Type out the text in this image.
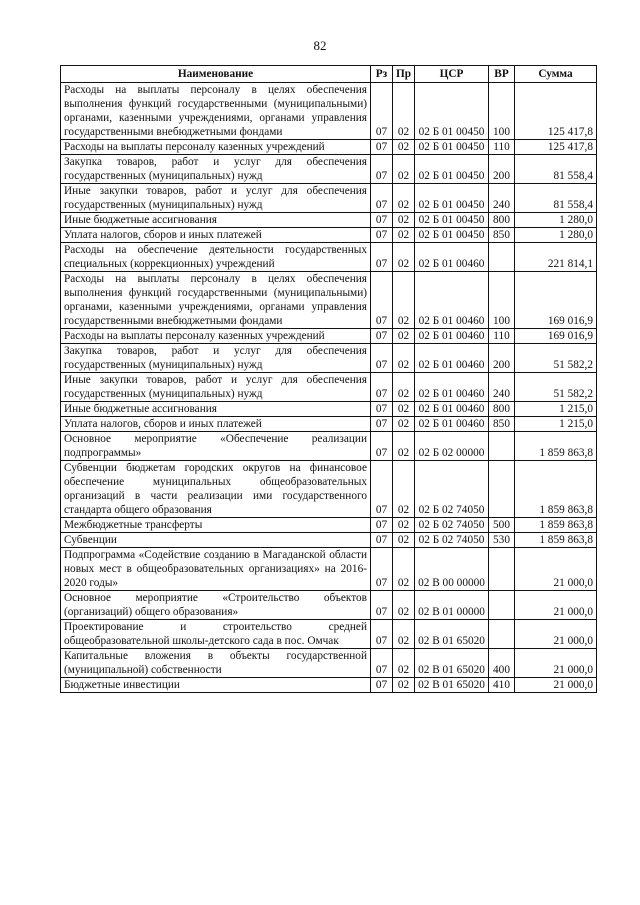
82
Наименование	Рз	Пр	ЦСР	ВР	Сумма
Расходы на выплаты персоналу в целях обеспечения выполнения функций государственными (муниципальными) органами, казенными учреждениями, органами управления государственными внебюджетными фондами	07	02	02 Б 01 00450	100	125 417,8
Расходы на выплаты персоналу казенных учреждений	07	02	02 Б 01 00450	110	125 417,8
Закупка товаров, работ и услуг для обеспечения государственных (муниципальных) нужд	07	02	02 Б 01 00450	200	81 558,4
Иные закупки товаров, работ и услуг для обеспечения государственных (муниципальных) нужд	07	02	02 Б 01 00450	240	81 558,4
Иные бюджетные ассигнования	07	02	02 Б 01 00450	800	1 280,0
Уплата налогов, сборов и иных платежей	07	02	02 Б 01 00450	850	1 280,0
Расходы на обеспечение деятельности государственных специальных (коррекционных) учреждений	07	02	02 Б 01 00460		221 814,1
Расходы на выплаты персоналу в целях обеспечения выполнения функций государственными (муниципальными) органами, казенными учреждениями, органами управления государственными внебюджетными фондами	07	02	02 Б 01 00460	100	169 016,9
Расходы на выплаты персоналу казенных учреждений	07	02	02 Б 01 00460	110	169 016,9
Закупка товаров, работ и услуг для обеспечения государственных (муниципальных) нужд	07	02	02 Б 01 00460	200	51 582,2
Иные закупки товаров, работ и услуг для обеспечения государственных (муниципальных) нужд	07	02	02 Б 01 00460	240	51 582,2
Иные бюджетные ассигнования	07	02	02 Б 01 00460	800	1 215,0
Уплата налогов, сборов и иных платежей	07	02	02 Б 01 00460	850	1 215,0
Основное мероприятие «Обеспечение реализации подпрограммы»	07	02	02 Б 02 00000		1 859 863,8
Субвенции бюджетам городских округов на финансовое обеспечение муниципальных общеобразовательных организаций в части реализации ими государственного стандарта общего образования	07	02	02 Б 02 74050		1 859 863,8
Межбюджетные трансферты	07	02	02 Б 02 74050	500	1 859 863,8
Субвенции	07	02	02 Б 02 74050	530	1 859 863,8
Подпрограмма «Содействие созданию в Магаданской области новых мест в общеобразовательных организациях» на 2016-2020 годы»	07	02	02 В 00 00000		21 000,0
Основное мероприятие «Строительство объектов (организаций) общего образования»	07	02	02 В 01 00000		21 000,0
Проектирование и строительство средней общеобразовательной школы-детского сада в пос. Омчак	07	02	02 В 01 65020		21 000,0
Капитальные вложения в объекты государственной (муниципальной) собственности	07	02	02 В 01 65020	400	21 000,0
Бюджетные инвестиции	07	02	02 В 01 65020	410	21 000,0
